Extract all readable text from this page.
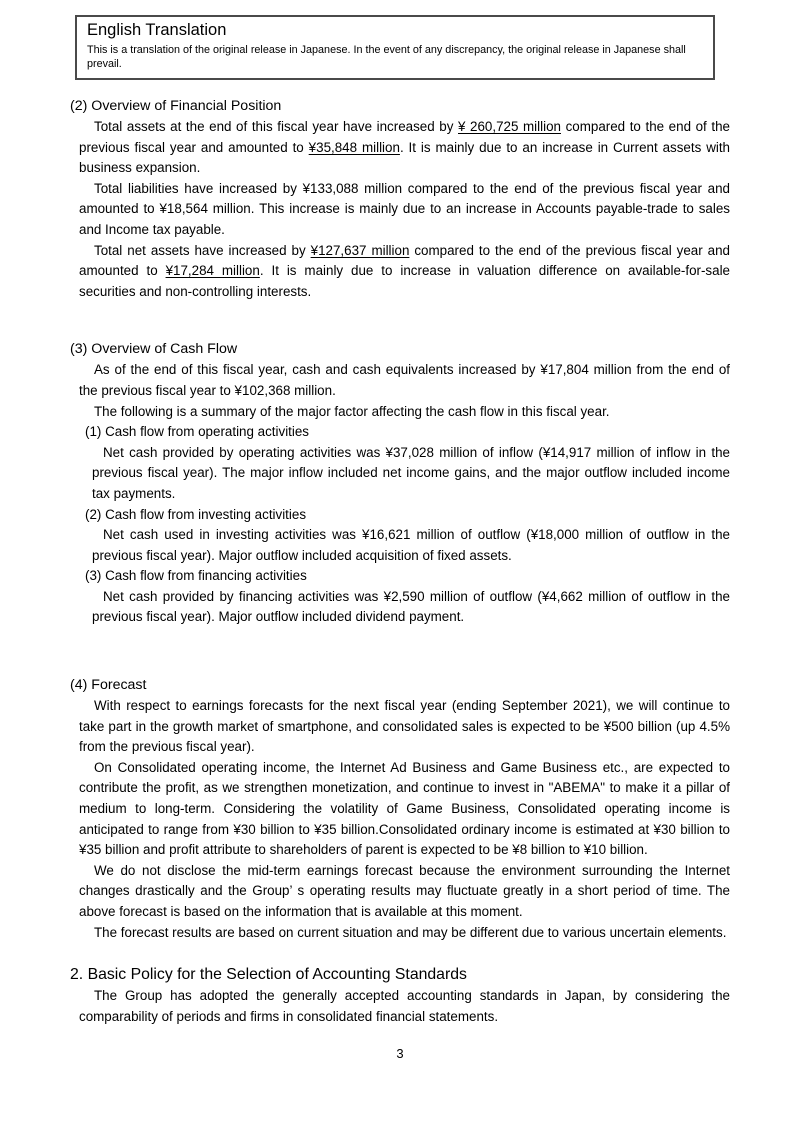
English Translation
This is a translation of the original release in Japanese. In the event of any discrepancy, the original release in Japanese shall prevail.
(2) Overview of Financial Position

Total assets at the end of this fiscal year have increased by ¥ 260,725 million compared to the end of the previous fiscal year and amounted to ¥35,848 million. It is mainly due to an increase in Current assets with business expansion.

Total liabilities have increased by ¥133,088 million compared to the end of the previous fiscal year and amounted to ¥18,564 million. This increase is mainly due to an increase in Accounts payable-trade to sales and Income tax payable.

Total net assets have increased by ¥127,637 million compared to the end of the previous fiscal year and amounted to ¥17,284 million. It is mainly due to increase in valuation difference on available-for-sale securities and non-controlling interests.

(3) Overview of Cash Flow

As of the end of this fiscal year, cash and cash equivalents increased by ¥17,804 million from the end of the previous fiscal year to ¥102,368 million.

The following is a summary of the major factor affecting the cash flow in this fiscal year.

(1) Cash flow from operating activities

Net cash provided by operating activities was ¥37,028 million of inflow (¥14,917 million of inflow in the previous fiscal year). The major inflow included net income gains, and the major outflow included income tax payments.

(2) Cash flow from investing activities

Net cash used in investing activities was ¥16,621 million of outflow (¥18,000 million of outflow in the previous fiscal year). Major outflow included acquisition of fixed assets.

(3) Cash flow from financing activities

Net cash provided by financing activities was ¥2,590 million of outflow (¥4,662 million of outflow in the previous fiscal year). Major outflow included dividend payment.

(4) Forecast

With respect to earnings forecasts for the next fiscal year (ending September 2021), we will continue to take part in the growth market of smartphone, and consolidated sales is expected to be ¥500 billion (up 4.5% from the previous fiscal year).

On Consolidated operating income, the Internet Ad Business and Game Business etc., are expected to contribute the profit, as we strengthen monetization, and continue to invest in "ABEMA" to make it a pillar of medium to long-term. Considering the volatility of Game Business, Consolidated operating income is anticipated to range from ¥30 billion to ¥35 billion.Consolidated ordinary income is estimated at ¥30 billion to ¥35 billion and profit attribute to shareholders of parent is expected to be ¥8 billion to ¥10 billion.

We do not disclose the mid-term earnings forecast because the environment surrounding the Internet changes drastically and the Group’ s operating results may fluctuate greatly in a short period of time. The above forecast is based on the information that is available at this moment.

The forecast results are based on current situation and may be different due to various uncertain elements.

2. Basic Policy for the Selection of Accounting Standards

The Group has adopted the generally accepted accounting standards in Japan, by considering the comparability of periods and firms in consolidated financial statements.

3
